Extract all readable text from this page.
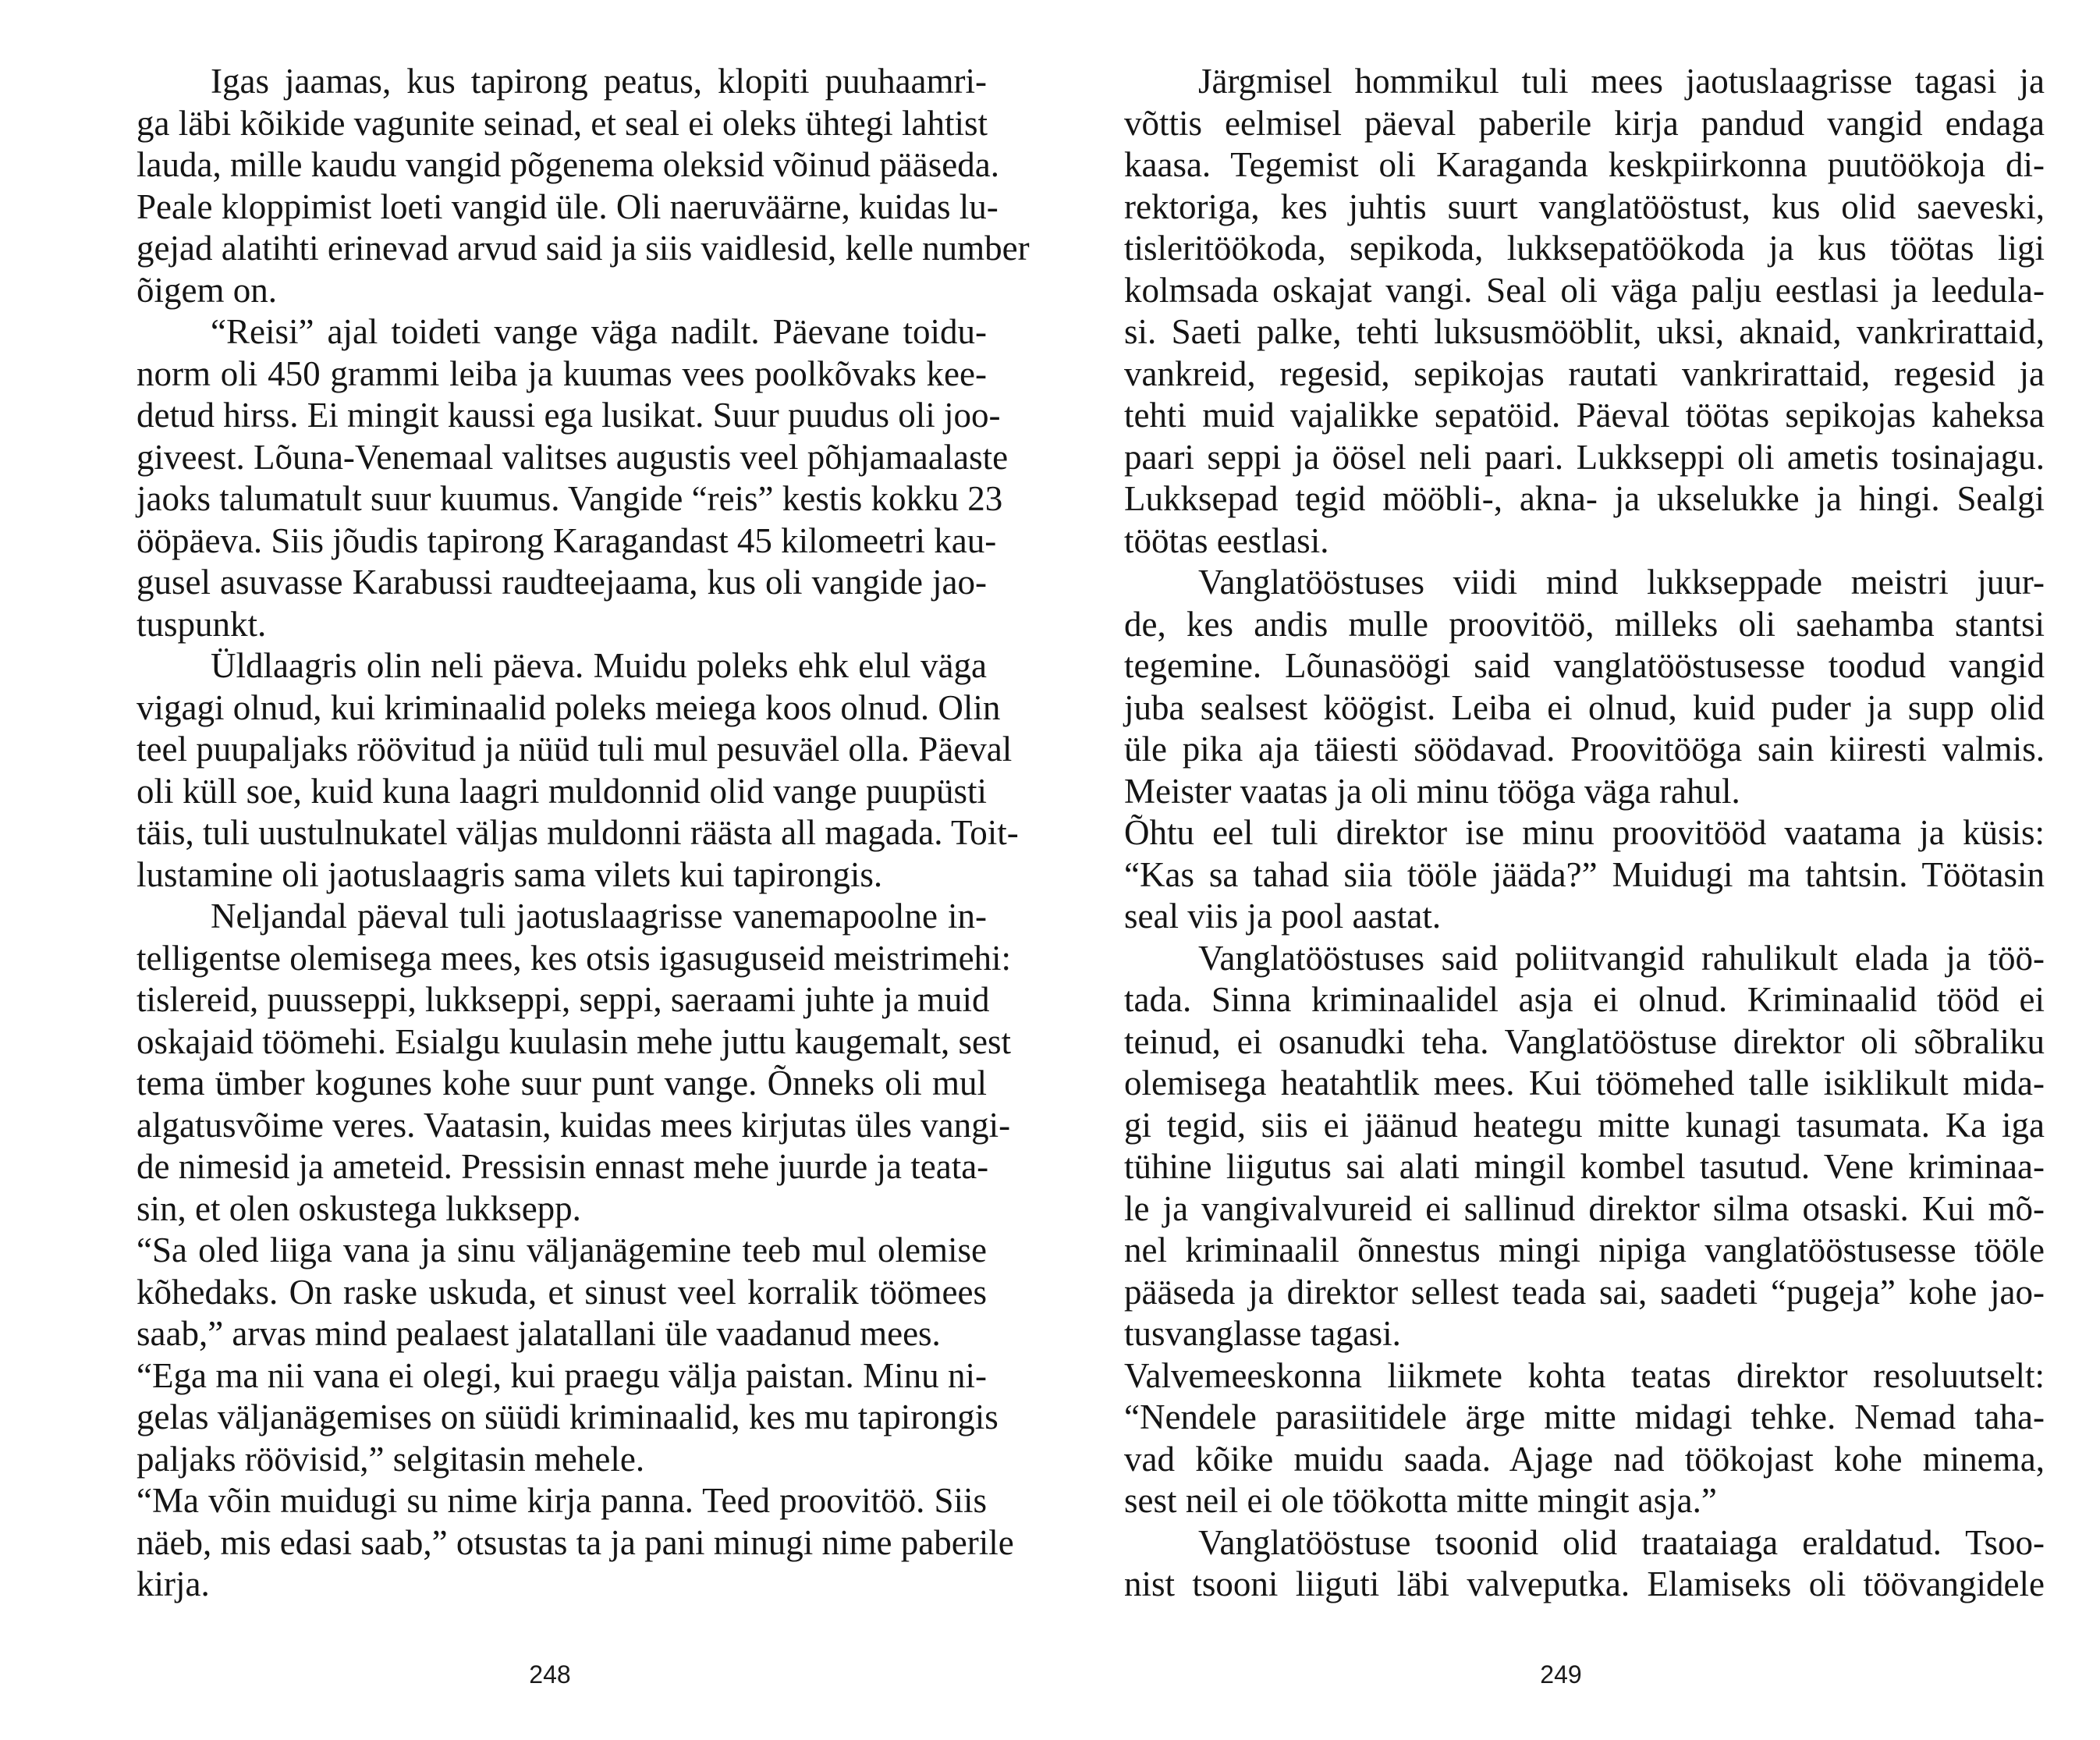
Igas jaamas, kus tapirong peatus, klopiti puuhaamri-
ga läbi kõikide vagunite seinad, et seal ei oleks ühtegi lahtist
lauda, mille kaudu vangid põgenema oleksid võinud pääseda.
Peale kloppimist loeti vangid üle. Oli naeruväärne, kuidas lu-
gejad alatihti erinevad arvud said ja siis vaidlesid, kelle number
õigem on.
“Reisi” ajal toideti vange väga nadilt. Päevane toidu-
norm oli 450 grammi leiba ja kuumas vees poolkõvaks kee-
detud hirss. Ei mingit kaussi ega lusikat. Suur puudus oli joo-
giveest. Lõuna-Venemaal valitses augustis veel põhjamaalaste
jaoks talumatult suur kuumus. Vangide “reis” kestis kokku 23
ööpäeva. Siis jõudis tapirong Karagandast 45 kilomeetri kau-
gusel asuvasse Karabussi raudteejaama, kus oli vangide jao-
tuspunkt.
Üldlaagris olin neli päeva. Muidu poleks ehk elul väga
vigagi olnud, kui kriminaalid poleks meiega koos olnud. Olin
teel puupaljaks röövitud ja nüüd tuli mul pesuväel olla. Päeval
oli küll soe, kuid kuna laagri muldonnid olid vange puupüsti
täis, tuli uustulnukatel väljas muldonni räästa all magada. Toit-
lustamine oli jaotuslaagris sama vilets kui tapirongis.
Neljandal päeval tuli jaotuslaagrisse vanemapoolne in-
telligentse olemisega mees, kes otsis igasuguseid meistrimehi:
tislereid, puusseppi, lukkseppi, seppi, saeraami juhte ja muid
oskajaid töömehi. Esialgu kuulasin mehe juttu kaugemalt, sest
tema ümber kogunes kohe suur punt vange. Õnneks oli mul
algatusvõime veres. Vaatasin, kuidas mees kirjutas üles vangi-
de nimesid ja ameteid. Pressisin ennast mehe juurde ja teata-
sin, et olen oskustega lukksepp.
“Sa oled liiga vana ja sinu väljanägemine teeb mul olemise
kõhedaks. On raske uskuda, et sinust veel korralik töömees
saab,” arvas mind pealaest jalatallani üle vaadanud mees.
“Ega ma nii vana ei olegi, kui praegu välja paistan. Minu ni-
gelas väljanägemises on süüdi kriminaalid, kes mu tapirongis
paljaks röövisid,” selgitasin mehele.
“Ma võin muidugi su nime kirja panna. Teed proovitöö. Siis
näeb, mis edasi saab,” otsustas ta ja pani minugi nime paberile
kirja.
248
Järgmisel hommikul tuli mees jaotuslaagrisse tagasi ja
võttis eelmisel päeval paberile kirja pandud vangid endaga
kaasa. Tegemist oli Karaganda keskpiirkonna puutöökoja di-
rektoriga, kes juhtis suurt vanglatööstust, kus olid saeveski,
tisleritöökoda, sepikoda, lukksepatöökoda ja kus töötas ligi
kolmsada oskajat vangi. Seal oli väga palju eestlasi ja leedula-
si. Saeti palke, tehti luksusmööblit, uksi, aknaid, vankrirattaid,
vankreid, regesid, sepikojas rautati vankrirattaid, regesid ja
tehti muid vajalikke sepatöid. Päeval töötas sepikojas kaheksa
paari seppi ja öösel neli paari. Lukkseppi oli ametis tosinajagu.
Lukksepad tegid mööbli-, akna- ja ukselukke ja hingi. Sealgi
töötas eestlasi.
Vanglatööstuses viidi mind lukkseppade meistri juur-
de, kes andis mulle proovitöö, milleks oli saehamba stantsi
tegemine. Lõunasöögi said vanglatööstusesse toodud vangid
juba sealsest köögist. Leiba ei olnud, kuid puder ja supp olid
üle pika aja täiesti söödavad. Proovitööga sain kiiresti valmis.
Meister vaatas ja oli minu tööga väga rahul.
Õhtu eel tuli direktor ise minu proovitööd vaatama ja küsis:
“Kas sa tahad siia tööle jääda?” Muidugi ma tahtsin. Töötasin
seal viis ja pool aastat.
Vanglatööstuses said poliitvangid rahulikult elada ja töö-
tada. Sinna kriminaalidel asja ei olnud. Kriminaalid tööd ei
teinud, ei osanudki teha. Vanglatööstuse direktor oli sõbraliku
olemisega heatahtlik mees. Kui töömehed talle isiklikult mida-
gi tegid, siis ei jäänud heategu mitte kunagi tasumata. Ka iga
tühine liigutus sai alati mingil kombel tasutud. Vene kriminaa-
le ja vangivalvureid ei sallinud direktor silma otsaski. Kui mõ-
nel kriminaalil õnnestus mingi nipiga vanglatööstusesse tööle
pääseda ja direktor sellest teada sai, saadeti “pugeja” kohe jao-
tusvanglasse tagasi.
Valvemeeskonna liikmete kohta teatas direktor resoluutselt:
“Nendele parasiitidele ärge mitte midagi tehke. Nemad taha-
vad kõike muidu saada. Ajage nad töökojast kohe minema,
sest neil ei ole töökotta mitte mingit asja.”
Vanglatööstuse tsoonid olid traataiaga eraldatud. Tsoo-
nist tsooni liiguti läbi valveputka. Elamiseks oli töövangidele
249
